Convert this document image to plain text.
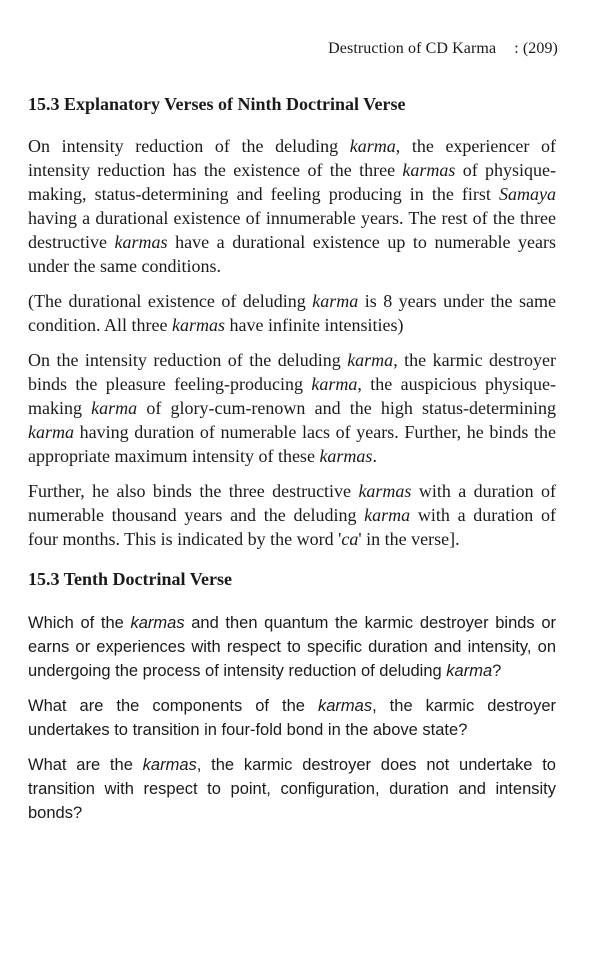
Destruction of CD Karma : (209)
15.3 Explanatory Verses of Ninth Doctrinal Verse

On intensity reduction of the deluding karma, the experiencer of intensity reduction has the existence of the three karmas of physique-making, status-determining and feeling producing in the first Samaya having a durational existence of innumerable years. The rest of the three destructive karmas have a durational existence up to numerable years under the same conditions.

(The durational existence of deluding karma is 8 years under the same condition. All three karmas have infinite intensities)

On the intensity reduction of the deluding karma, the karmic destroyer binds the pleasure feeling-producing karma, the auspicious physique-making karma of glory-cum-renown and the high status-determining karma having duration of numerable lacs of years. Further, he binds the appropriate maximum intensity of these karmas.

Further, he also binds the three destructive karmas with a duration of numerable thousand years and the deluding karma with a duration of four months. This is indicated by the word 'ca' in the verse].

15.3 Tenth Doctrinal Verse

Which of the karmas and then quantum the karmic destroyer binds or earns or experiences with respect to specific duration and intensity, on undergoing the process of intensity reduction of deluding karma?

What are the components of the karmas, the karmic destroyer undertakes to transition in four-fold bond in the above state?

What are the karmas, the karmic destroyer does not undertake to transition with respect to point, configuration, duration and intensity bonds?
